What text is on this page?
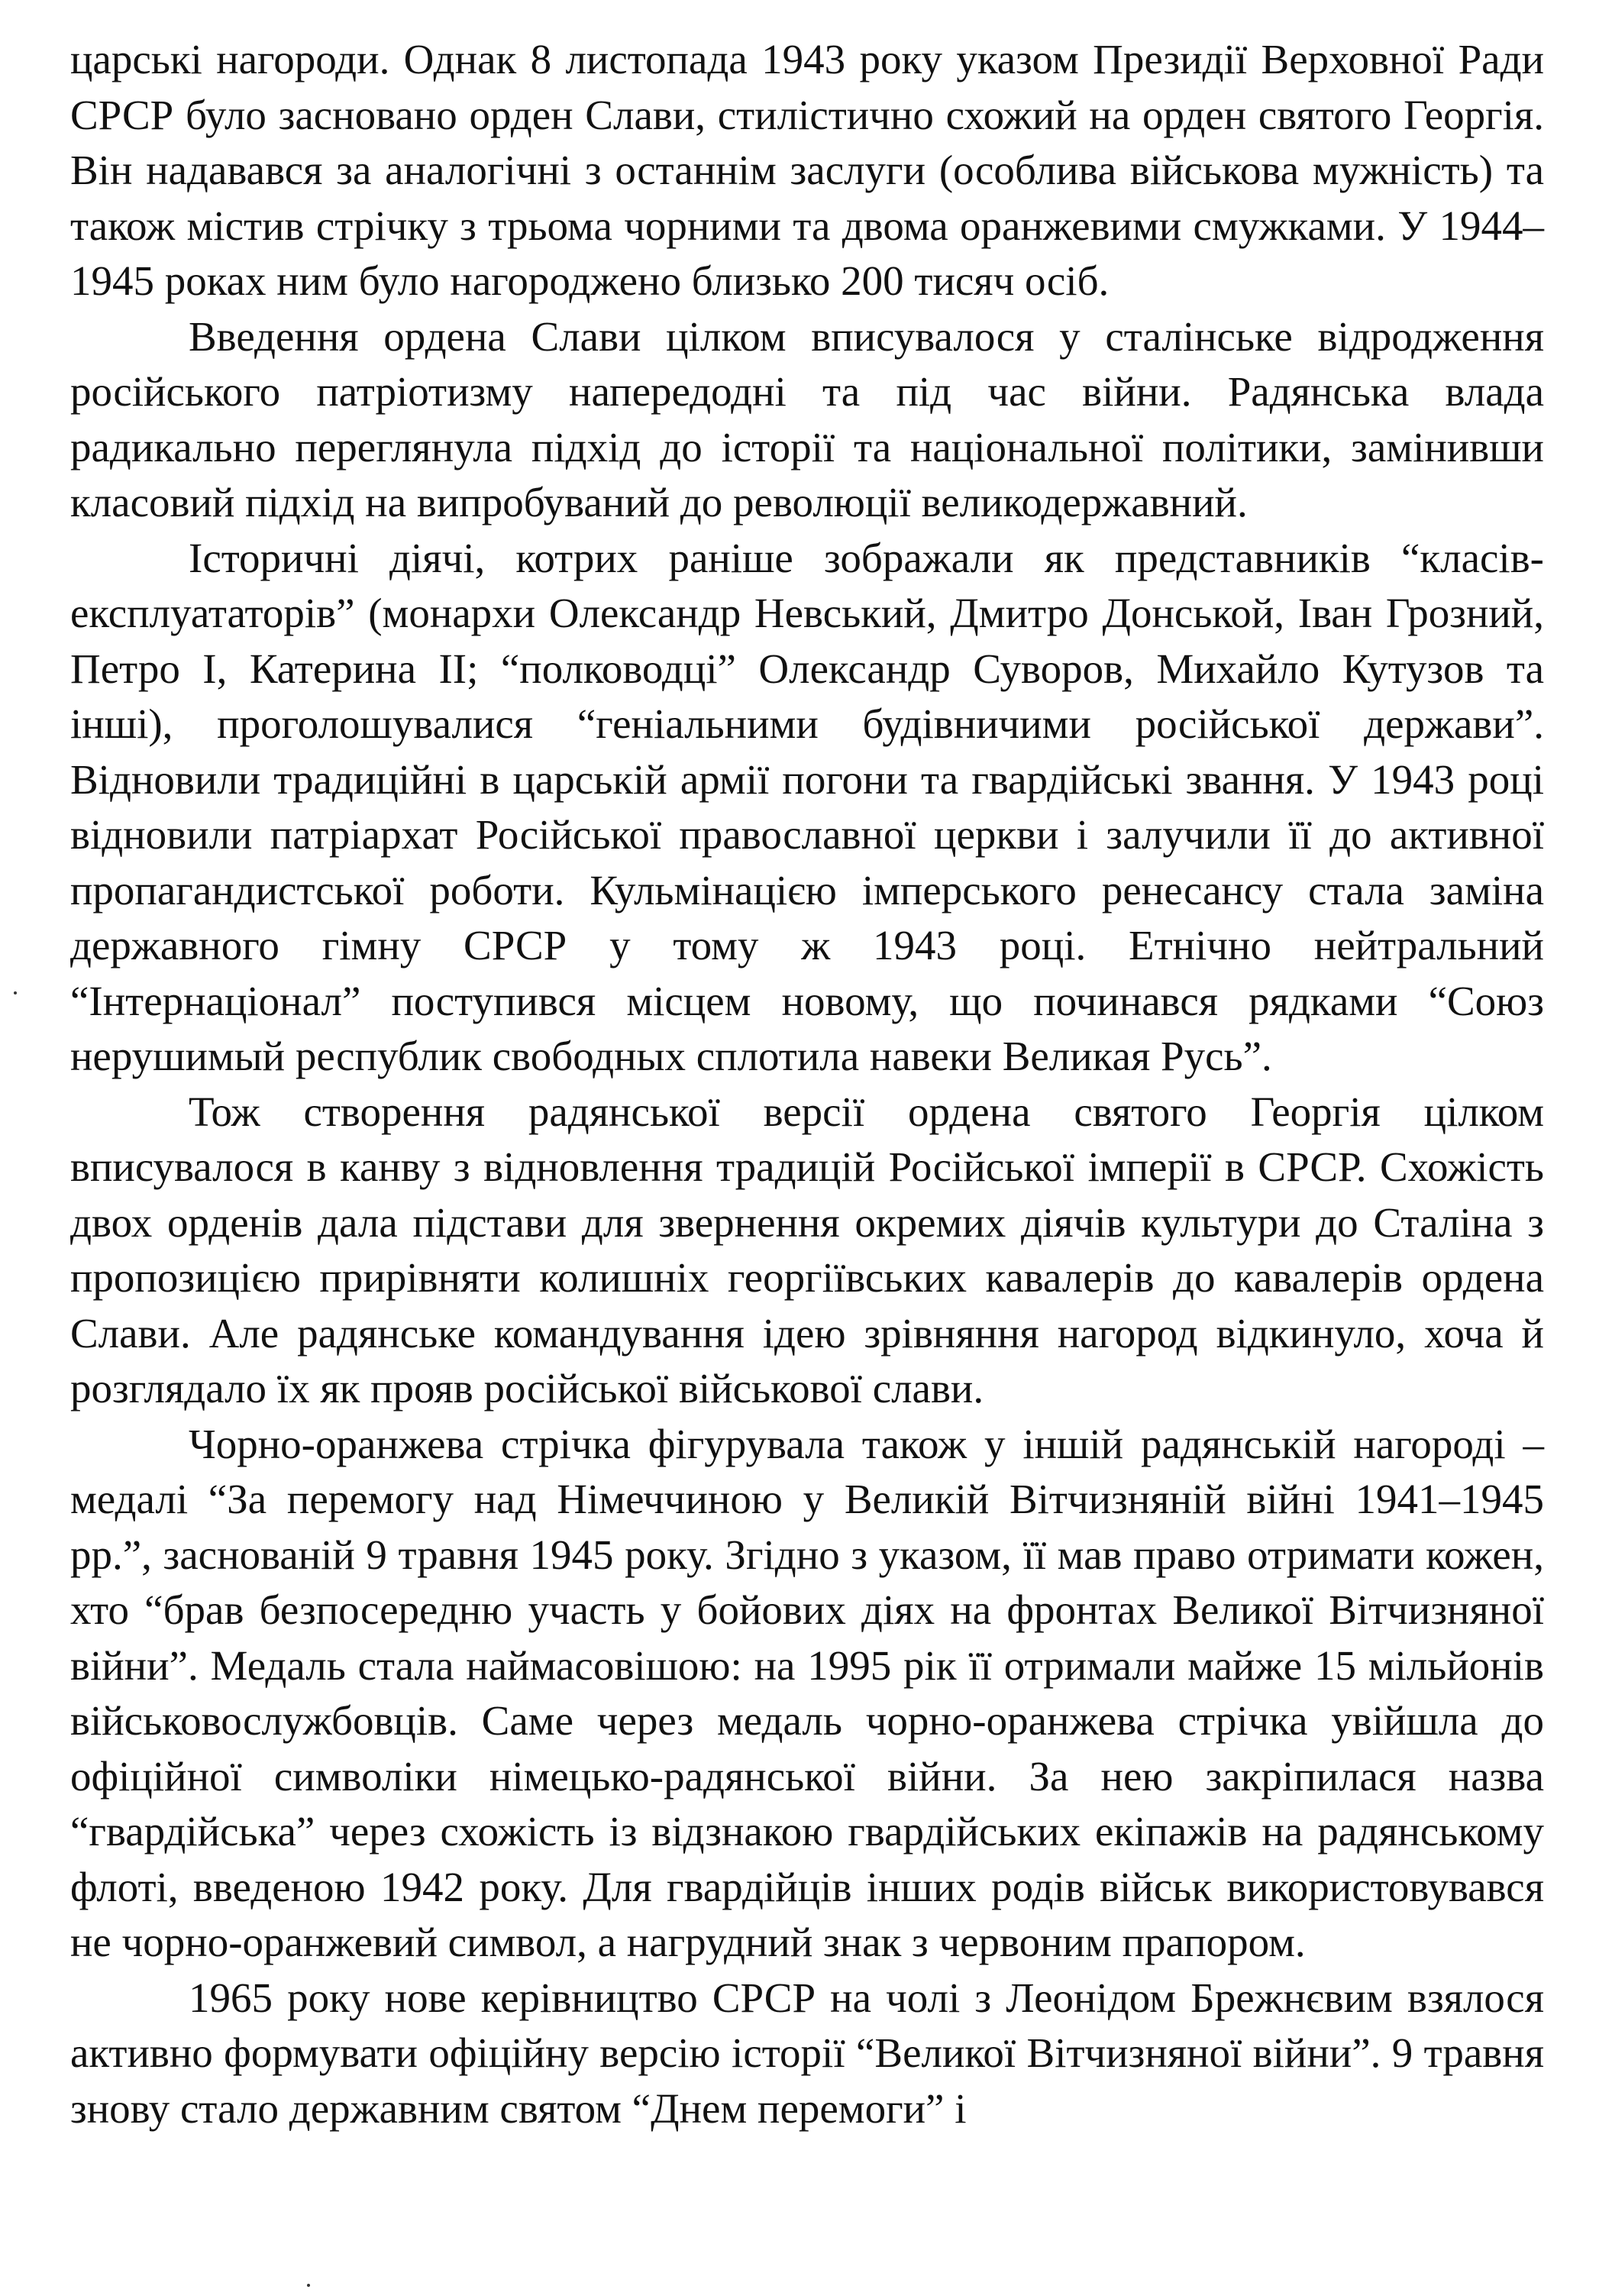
царські нагороди. Однак 8 листопада 1943 року указом Президії Верховної Ради СРСР було засновано орден Слави, стилістично схожий на орден святого Георгія. Він надавався за аналогічні з останнім заслуги (особлива військова мужність) та також містив стрічку з трьома чорними та двома оранжевими смужками. У 1944–1945 роках ним було нагороджено близько 200 тисяч осіб.

Введення ордена Слави цілком вписувалося у сталінське відродження російського патріотизму напередодні та під час війни. Радянська влада радикально переглянула підхід до історії та національної політики, замінивши класовий підхід на випробуваний до революції великодержавний.

Історичні діячі, котрих раніше зображали як представників “класів-експлуататорів” (монархи Олександр Невський, Дмитро Донськой, Іван Грозний, Петро І, Катерина ІІ; “полководці” Олександр Суворов, Михайло Кутузов та інші), проголошувалися “геніальними будівничими російської держави”. Відновили традиційні в царській армії погони та гвардійські звання. У 1943 році відновили патріархат Російської православної церкви і залучили її до активної пропагандистської роботи. Кульмінацією імперського ренесансу стала заміна державного гімну СРСР у тому ж 1943 році. Етнічно нейтральний “Інтернаціонал” поступився місцем новому, що починався рядками “Союз нерушимый республик свободных сплотила навеки Великая Русь”.

Тож створення радянської версії ордена святого Георгія цілком вписувалося в канву з відновлення традицій Російської імперії в СРСР. Схожість двох орденів дала підстави для звернення окремих діячів культури до Сталіна з пропозицією прирівняти колишніх георгіївських кавалерів до кавалерів ордена Слави. Але радянське командування ідею зрівняння нагород відкинуло, хоча й розглядало їх як прояв російської військової слави.

Чорно-оранжева стрічка фігурувала також у іншій радянській нагороді – медалі “За перемогу над Німеччиною у Великій Вітчизняній війні 1941–1945 рр.”, заснованій 9 травня 1945 року. Згідно з указом, її мав право отримати кожен, хто “брав безпосередню участь у бойових діях на фронтах Великої Вітчизняної війни”. Медаль стала наймасовішою: на 1995 рік її отримали майже 15 мільйонів військовослужбовців. Саме через медаль чорно-оранжева стрічка увійшла до офіційної символіки німецько-радянської війни. За нею закріпилася назва “гвардійська” через схожість із відзнакою гвардійських екіпажів на радянському флоті, введеною 1942 року. Для гвардійців інших родів військ використовувався не чорно-оранжевий символ, а нагрудний знак з червоним прапором.

1965 року нове керівництво СРСР на чолі з Леонідом Брежнєвим взялося активно формувати офіційну версію історії “Великої Вітчизняної війни”. 9 травня знову стало державним святом “Днем перемоги” і
